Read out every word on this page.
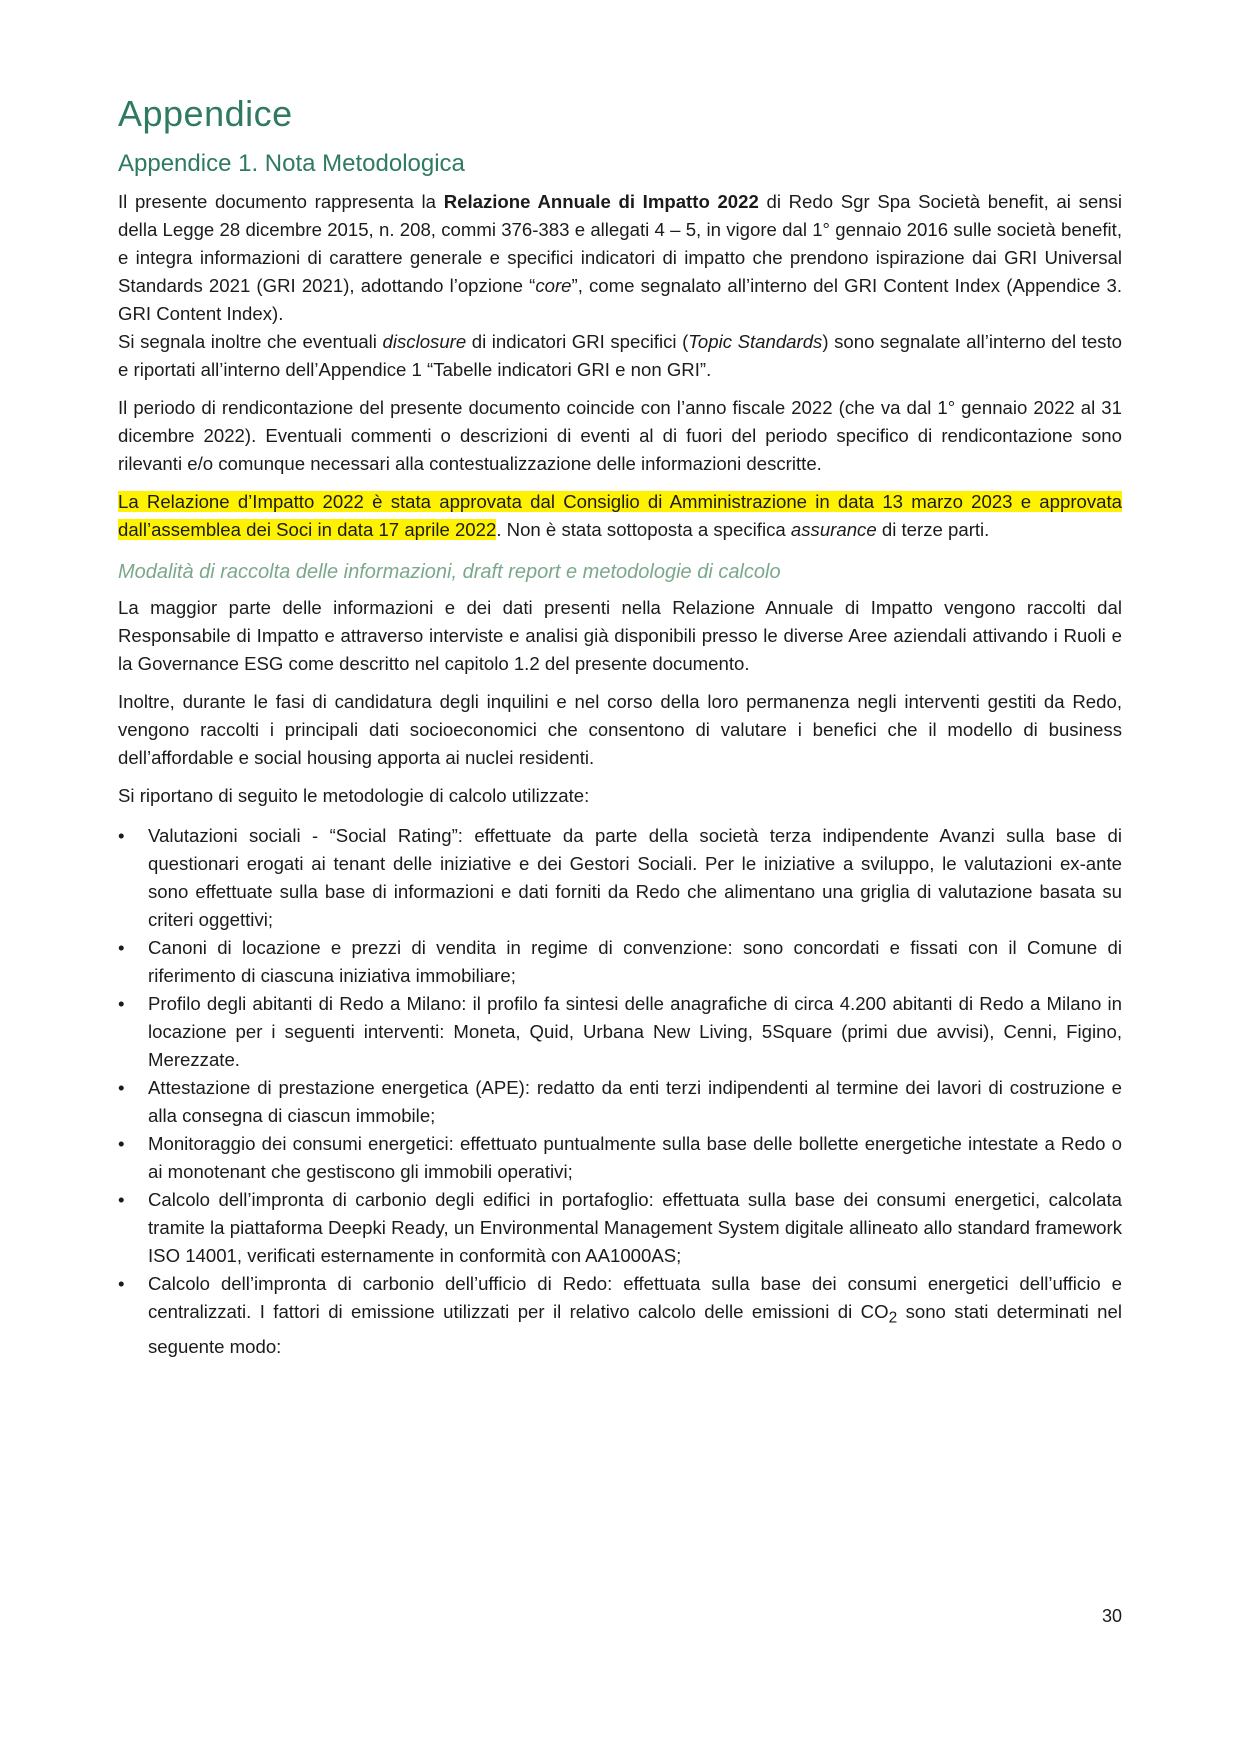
Appendice
Appendice 1. Nota Metodologica

Il presente documento rappresenta la Relazione Annuale di Impatto 2022 di Redo Sgr Spa Società benefit, ai sensi della Legge 28 dicembre 2015, n. 208, commi 376-383 e allegati 4 – 5, in vigore dal 1° gennaio 2016 sulle società benefit, e integra informazioni di carattere generale e specifici indicatori di impatto che prendono ispirazione dai GRI Universal Standards 2021 (GRI 2021), adottando l’opzione “core”, come segnalato all’interno del GRI Content Index (Appendice 3. GRI Content Index).

Si segnala inoltre che eventuali disclosure di indicatori GRI specifici (Topic Standards) sono segnalate all’interno del testo e riportati all’interno dell’Appendice 1 “Tabelle indicatori GRI e non GRI”.

Il periodo di rendicontazione del presente documento coincide con l’anno fiscale 2022 (che va dal 1° gennaio 2022 al 31 dicembre 2022). Eventuali commenti o descrizioni di eventi al di fuori del periodo specifico di rendicontazione sono rilevanti e/o comunque necessari alla contestualizzazione delle informazioni descritte.

La Relazione d’Impatto 2022 è stata approvata dal Consiglio di Amministrazione in data 13 marzo 2023 e approvata dall’assemblea dei Soci in data 17 aprile 2022. Non è stata sottoposta a specifica assurance di terze parti.

Modalità di raccolta delle informazioni, draft report e metodologie di calcolo

La maggior parte delle informazioni e dei dati presenti nella Relazione Annuale di Impatto vengono raccolti dal Responsabile di Impatto e attraverso interviste e analisi già disponibili presso le diverse Aree aziendali attivando i Ruoli e la Governance ESG come descritto nel capitolo 1.2 del presente documento.

Inoltre, durante le fasi di candidatura degli inquilini e nel corso della loro permanenza negli interventi gestiti da Redo, vengono raccolti i principali dati socioeconomici che consentono di valutare i benefici che il modello di business dell’affordable e social housing apporta ai nuclei residenti.

Si riportano di seguito le metodologie di calcolo utilizzate:

• Valutazioni sociali - “Social Rating”: effettuate da parte della società terza indipendente Avanzi sulla base di questionari erogati ai tenant delle iniziative e dei Gestori Sociali. Per le iniziative a sviluppo, le valutazioni ex-ante sono effettuate sulla base di informazioni e dati forniti da Redo che alimentano una griglia di valutazione basata su criteri oggettivi;
• Canoni di locazione e prezzi di vendita in regime di convenzione: sono concordati e fissati con il Comune di riferimento di ciascuna iniziativa immobiliare;
• Profilo degli abitanti di Redo a Milano: il profilo fa sintesi delle anagrafiche di circa 4.200 abitanti di Redo a Milano in locazione per i seguenti interventi: Moneta, Quid, Urbana New Living, 5Square (primi due avvisi), Cenni, Figino, Merezzate.
• Attestazione di prestazione energetica (APE): redatto da enti terzi indipendenti al termine dei lavori di costruzione e alla consegna di ciascun immobile;
• Monitoraggio dei consumi energetici: effettuato puntualmente sulla base delle bollette energetiche intestate a Redo o ai monotenant che gestiscono gli immobili operativi;
• Calcolo dell’impronta di carbonio degli edifici in portafoglio: effettuata sulla base dei consumi energetici, calcolata tramite la piattaforma Deepki Ready, un Environmental Management System digitale allineato allo standard framework ISO 14001, verificati esternamente in conformità con AA1000AS;
• Calcolo dell’impronta di carbonio dell’ufficio di Redo: effettuata sulla base dei consumi energetici dell’ufficio e centralizzati. I fattori di emissione utilizzati per il relativo calcolo delle emissioni di $CO_2$ sono stati determinati nel seguente modo:
30
